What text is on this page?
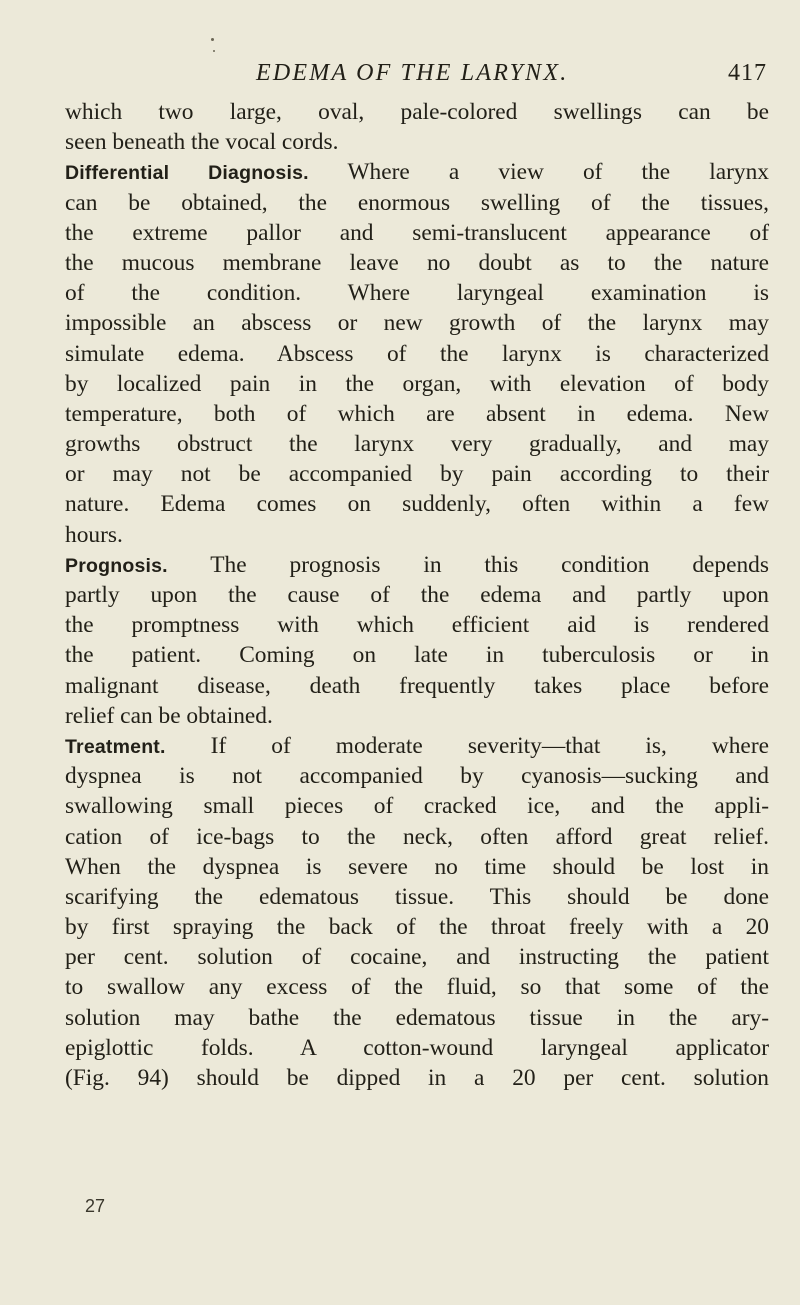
EDEMA OF THE LARYNX.	417
which two large, oval, pale-colored swellings can be
seen beneath the vocal cords.
Differential Diagnosis. Where a view of the larynx
can be obtained, the enormous swelling of the tissues,
the extreme pallor and semi-translucent appearance of
the mucous membrane leave no doubt as to the nature
of the condition. Where laryngeal examination is
impossible an abscess or new growth of the larynx may
simulate edema. Abscess of the larynx is characterized
by localized pain in the organ, with elevation of body
temperature, both of which are absent in edema. New
growths obstruct the larynx very gradually, and may
or may not be accompanied by pain according to their
nature. Edema comes on suddenly, often within a few
hours.
Prognosis. The prognosis in this condition depends
partly upon the cause of the edema and partly upon
the promptness with which efficient aid is rendered
the patient. Coming on late in tuberculosis or in
malignant disease, death frequently takes place before
relief can be obtained.
Treatment. If of moderate severity—that is, where
dyspnea is not accompanied by cyanosis—sucking and
swallowing small pieces of cracked ice, and the appli-
cation of ice-bags to the neck, often afford great relief.
When the dyspnea is severe no time should be lost in
scarifying the edematous tissue. This should be done
by first spraying the back of the throat freely with a 20
per cent. solution of cocaine, and instructing the patient
to swallow any excess of the fluid, so that some of the
solution may bathe the edematous tissue in the ary-
epiglottic folds. A cotton-wound laryngeal applicator
(Fig. 94) should be dipped in a 20 per cent. solution
27
